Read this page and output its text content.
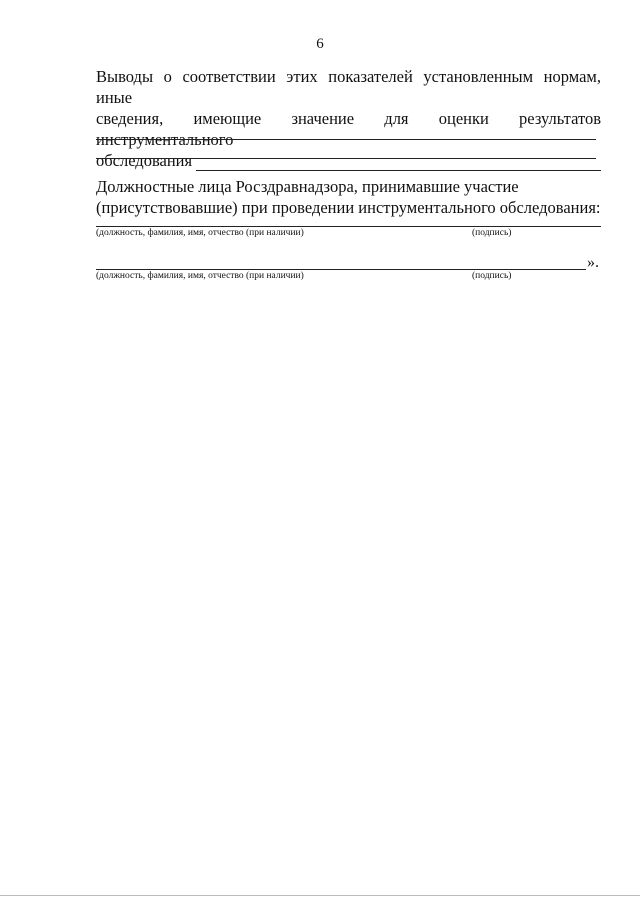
6
Выводы о соответствии этих показателей установленным нормам, иные
сведения, имеющие значение для оценки результатов инструментального
обследования
Должностные лица Росздравнадзора, принимавшие участие
(присутствовавшие) при проведении инструментального обследования:
(должность, фамилия, имя, отчество (при наличии)	(подпись)
».
(должность, фамилия, имя, отчество (при наличии)	(подпись)
